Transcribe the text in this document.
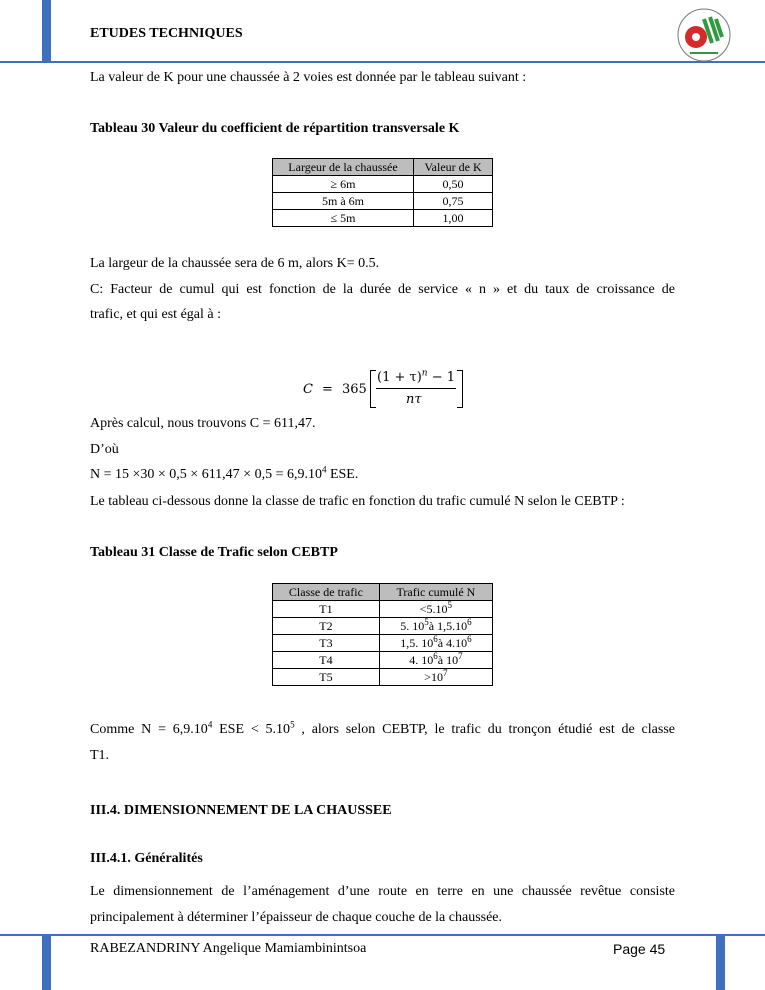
ETUDES TECHNIQUES
La valeur de K pour une chaussée à 2 voies est donnée par le tableau suivant :
Tableau 30 Valeur du coefficient de répartition transversale K
Largeur de la chaussée	Valeur de K
≥ 6m	0,50
5m à 6m	0,75
≤ 5m	1,00
La largeur de la chaussée sera de 6 m, alors K= 0.5.
C: Facteur de cumul qui est fonction de la durée de service « n » et du taux de croissance de
trafic, et qui est égal à :
C = 365
$(1 + \tau)^n - 1$
nτ
Après calcul, nous trouvons C = 611,47.
D’où
$N = 15 \times 30 \times 0,5 \times 611,47 \times 0,5 = 6,9.10^4$ ESE.
Le tableau ci-dessous donne la classe de trafic en fonction du trafic cumulé N selon le CEBTP :
Tableau 31 Classe de Trafic selon CEBTP
Classe de trafic	Trafic cumulé N
T1	$<5.10^5$
T2	5. $10^5à$ 1,5.10$^6$
T3	1,5. $10^6à$ 4.10$^6$
T4	4. $10^6à$ $10^7$
T5	$>10^7$
Comme $N = 6,9.10^4$ ESE < $5.10^5$ , alors selon CEBTP, le trafic du tronçon étudié est de classe
T1.
III.4. DIMENSIONNEMENT DE LA CHAUSSEE
III.4.1. Généralités
Le dimensionnement de l’aménagement d’une route en terre en une chaussée revêtue consiste
principalement à déterminer l’épaisseur de chaque couche de la chaussée.
RABEZANDRINY Angelique Mamiambinintsoa	Page 45
